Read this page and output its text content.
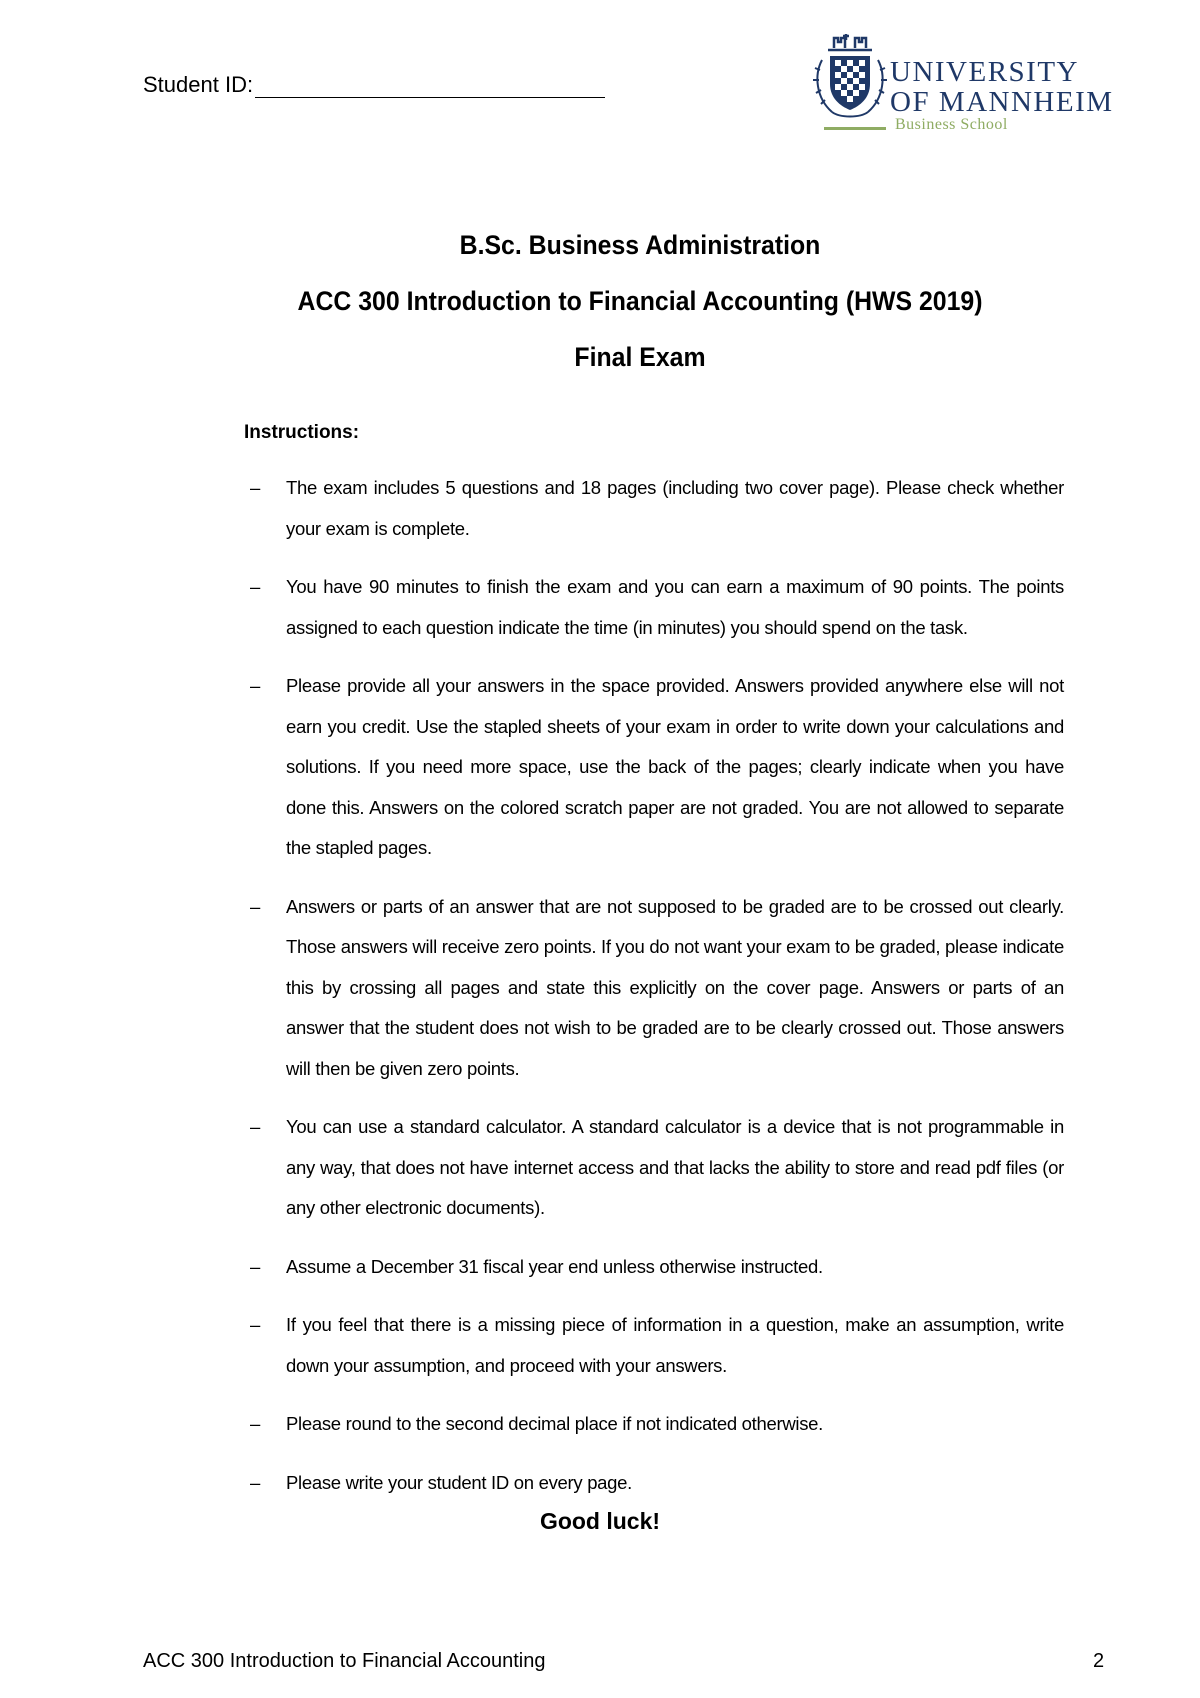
Student ID:	UNIVERSITY
OF MANNHEIM
Business School
B.Sc. Business Administration
ACC 300 Introduction to Financial Accounting (HWS 2019)
Final Exam
Instructions:
– The exam includes 5 questions and 18 pages (including two cover page). Please check whether your exam is complete.
– You have 90 minutes to finish the exam and you can earn a maximum of 90 points. The points assigned to each question indicate the time (in minutes) you should spend on the task.
– Please provide all your answers in the space provided. Answers provided anywhere else will not earn you credit. Use the stapled sheets of your exam in order to write down your calculations and solutions. If you need more space, use the back of the pages; clearly indicate when you have done this. Answers on the colored scratch paper are not graded. You are not allowed to separate the stapled pages.
– Answers or parts of an answer that are not supposed to be graded are to be crossed out clearly. Those answers will receive zero points. If you do not want your exam to be graded, please indicate this by crossing all pages and state this explicitly on the cover page. Answers or parts of an answer that the student does not wish to be graded are to be clearly crossed out. Those answers will then be given zero points.
– You can use a standard calculator. A standard calculator is a device that is not programmable in any way, that does not have internet access and that lacks the ability to store and read pdf files (or any other electronic documents).
– Assume a December 31 fiscal year end unless otherwise instructed.
– If you feel that there is a missing piece of information in a question, make an assumption, write down your assumption, and proceed with your answers.
– Please round to the second decimal place if not indicated otherwise.
– Please write your student ID on every page.
Good luck!
ACC 300 Introduction to Financial Accounting	2
